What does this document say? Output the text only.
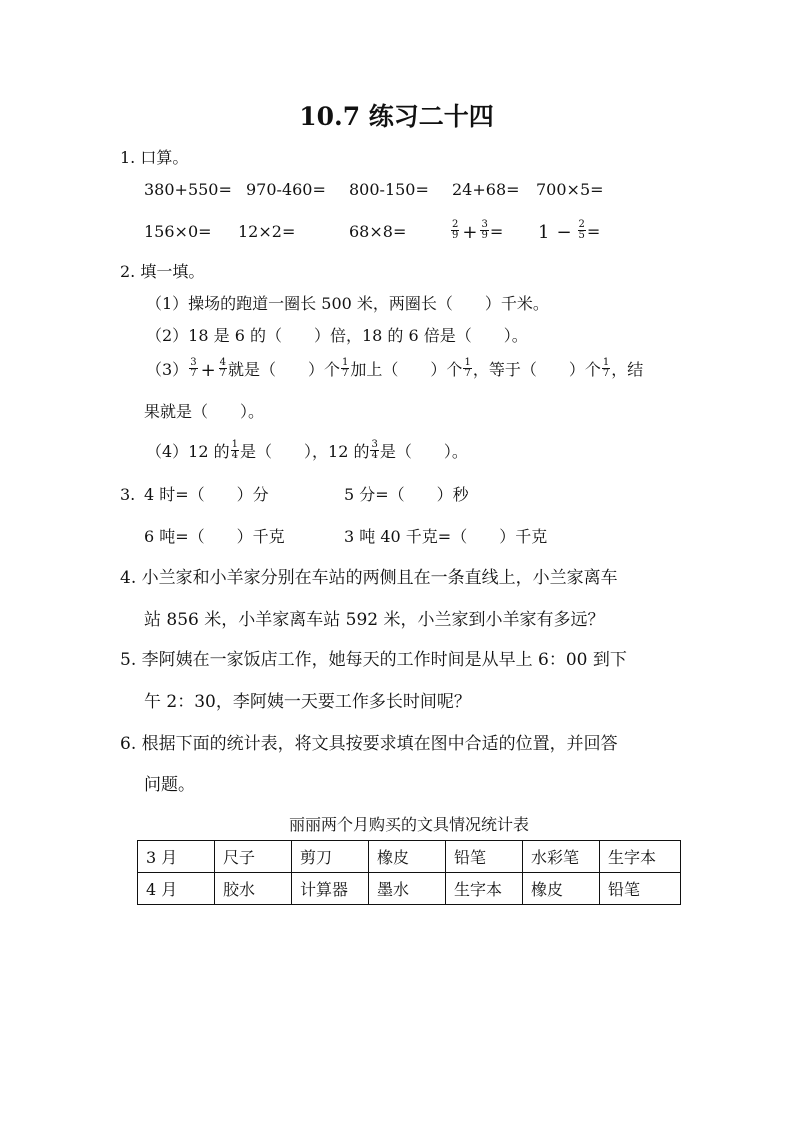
10.7 练习二十四
1. 口算。
380+550= 970-460= 800-150= 24+68= 700×5=
156×0= 12×2=	68×8=	$\frac{2}{9} + \frac{3}{9} = 1 - \frac{2}{5}$ =
2. 填一填。
（1）操场的跑道一圈长 500 米，两圈长（　　）千米。
（2）18 是 6 的（　　）倍，18 的 6 倍是（　　）。
$(3) \frac{3}{7} + \frac{4}{7}$ 就是（　　）个 $\frac{1}{7}$ 加上（　　）个 $\frac{1}{7}$ ，等于（　　）个 $\frac{1}{7}$ ，结
果就是（　　）。
（4）12 的 $\frac{1}{4}$ 是（　　），12 的 $\frac{3}{4}$ 是（　　）。
3. 4 时=（　　）分	5 分=（　　）秒
6 吨=（　　）千克	3 吨 40 千克=（　　）千克
4. 小兰家和小羊家分别在车站的两侧且在一条直线上，小兰家离车
站 856 米，小羊家离车站 592 米，小兰家到小羊家有多远？
5. 李阿姨在一家饭店工作，她每天的工作时间是从早上 6：00 到下
午 2：30，李阿姨一天要工作多长时间呢？
6. 根据下面的统计表，将文具按要求填在图中合适的位置，并回答
问题。
丽丽两个月购买的文具情况统计表
3 月	尺子	剪刀	橡皮	铅笔	水彩笔	生字本
4 月	胶水	计算器	墨水	生字本	橡皮	铅笔
